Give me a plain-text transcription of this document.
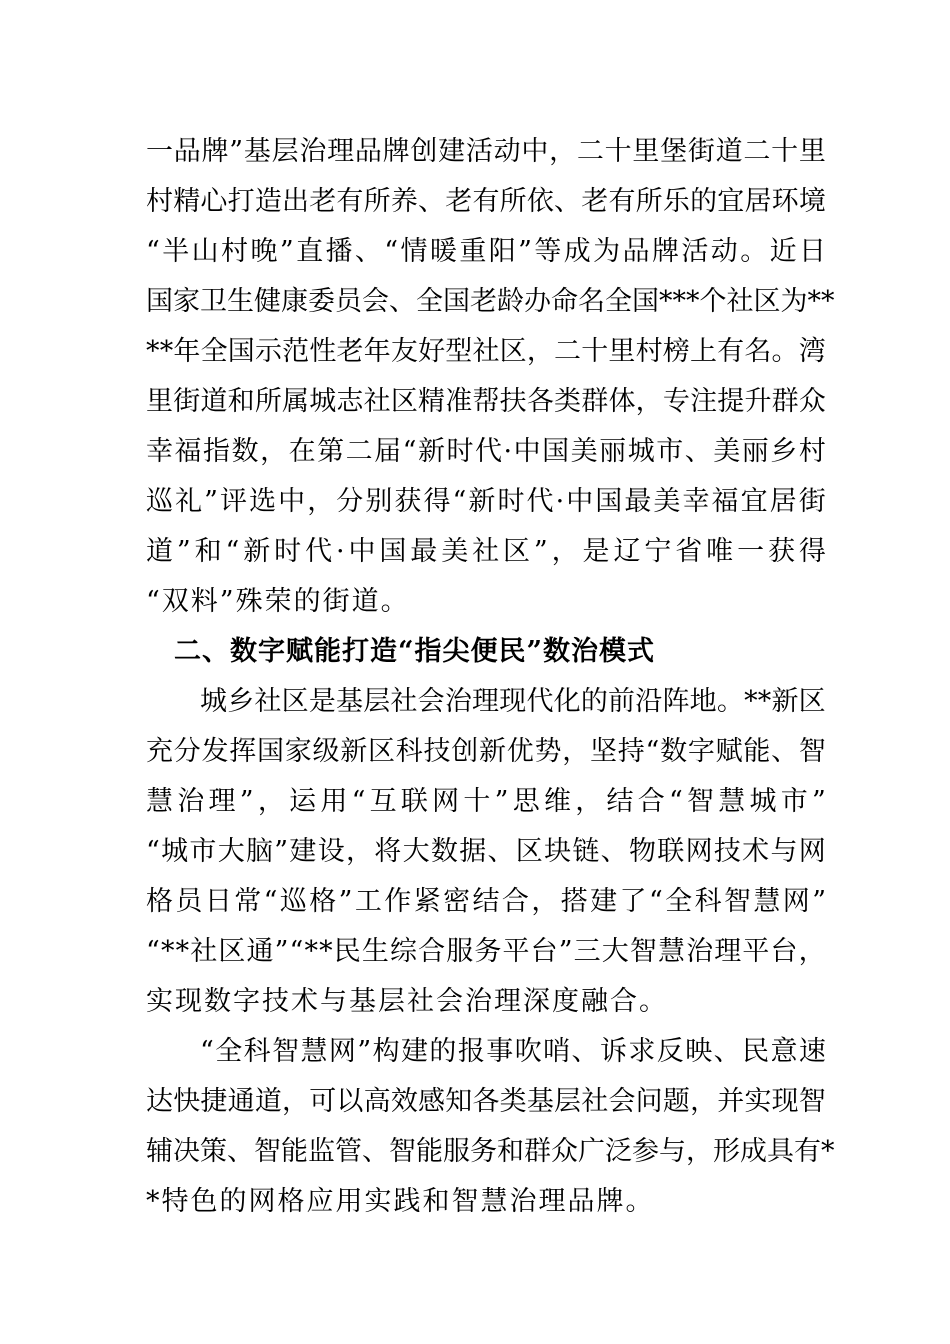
一 品 牌 ” 基 层 治 理 品 牌 创 建 活 动 中 ， 二 十 里 堡 街 道 二 十 里
村 精 心 打 造 出 老 有 所 养 、 老 有 所 依 、 老 有 所 乐 的 宜 居 环 境
“ 半 山 村 晚 ” 直 播 、 “ 情 暖 重 阳 ” 等 成 为 品 牌 活 动 。 近 日
国 家 卫 生 健 康 委 员 会 、 全 国 老 龄 办 命 名 全 国 * * * 个 社 区 为 * *
* * 年 全 国 示 范 性 老 年 友 好 型 社 区 ， 二 十 里 村 榜 上 有 名 。 湾
里 街 道 和 所 属 城 志 社 区 精 准 帮 扶 各 类 群 体 ， 专 注 提 升 群 众
幸 福 指 数 ， 在 第 二 届 “ 新 时 代 · 中 国 美 丽 城 市 、 美 丽 乡 村
巡 礼 ” 评 选 中 ， 分 别 获 得 “ 新 时 代 · 中 国 最 美 幸 福 宜 居 街
道 ” 和 “ 新 时 代 · 中 国 最 美 社 区 ” ， 是 辽 宁 省 唯 一 获 得
“双料”殊荣的街道。
二、数字赋能打造“指尖便民”数治模式
城 乡 社 区 是 基 层 社 会 治 理 现 代 化 的 前 沿 阵 地 。 * * 新 区
充 分 发 挥 国 家 级 新 区 科 技 创 新 优 势 ， 坚 持 “ 数 字 赋 能 、 智
慧 治 理 ” ， 运 用 “ 互 联 网 十 ” 思 维 ， 结 合 “ 智 慧 城 市 ”
“ 城 市 大 脑 ” 建 设 ， 将 大 数 据 、 区 块 链 、 物 联 网 技 术 与 网
格 员 日 常 “ 巡 格 ” 工 作 紧 密 结 合 ， 搭 建 了 “ 全 科 智 慧 网 ”
“ * * 社 区 通 ” “ * * 民 生 综 合 服 务 平 台 ” 三 大 智 慧 治 理 平 台 ，
实现数字技术与基层社会治理深度融合。
“ 全 科 智 慧 网 ” 构 建 的 报 事 吹 哨 、 诉 求 反 映 、 民 意 速
达 快 捷 通 道 ， 可 以 高 效 感 知 各 类 基 层 社 会 问 题 ， 并 实 现 智
辅 决 策 、 智 能 监 管 、 智 能 服 务 和 群 众 广 泛 参 与 ， 形 成 具 有 *
*特色的网格应用实践和智慧治理品牌。
